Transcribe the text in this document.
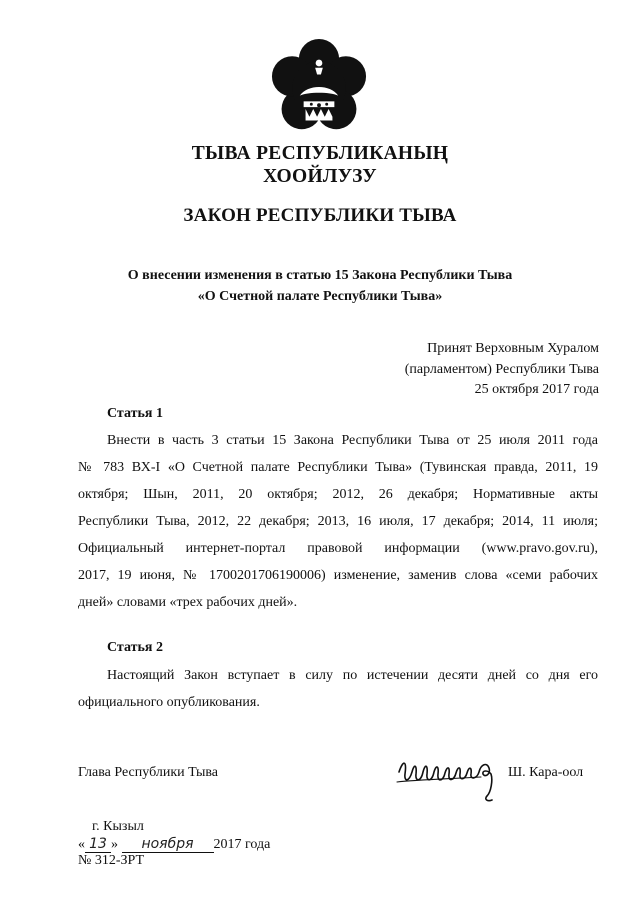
ТЫВА РЕСПУБЛИКАНЫҢ
ХООЙЛУЗУ
ЗАКОН РЕСПУБЛИКИ ТЫВА
О внесении изменения в статью 15 Закона Республики Тыва
«О Счетной палате Республики Тыва»
Принят Верховным Хуралом
(парламентом) Республики Тыва
25 октября 2017 года
Статья 1
Внести в часть 3 статьи 15 Закона Республики Тыва от 25 июля 2011 года
№ 783 ВХ-I «О Счетной палате Республики Тыва» (Тувинская правда, 2011, 19
октября; Шын, 2011, 20 октября; 2012, 26 декабря; Нормативные акты
Республики Тыва, 2012, 22 декабря; 2013, 16 июля, 17 декабря; 2014, 11 июля;
Официальный интернет-портал правовой информации (www.pravo.gov.ru),
2017, 19 июня, № 1700201706190006) изменение, заменив слова «семи рабочих
дней» словами «трех рабочих дней».
Статья 2
Настоящий Закон вступает в силу по истечении десяти дней со дня его
официального опубликования.
Глава Республики Тыва	Ш. Кара-оол
г. Кызыл
« 13 » ноября 2017 года
№ 312-ЗРТ
